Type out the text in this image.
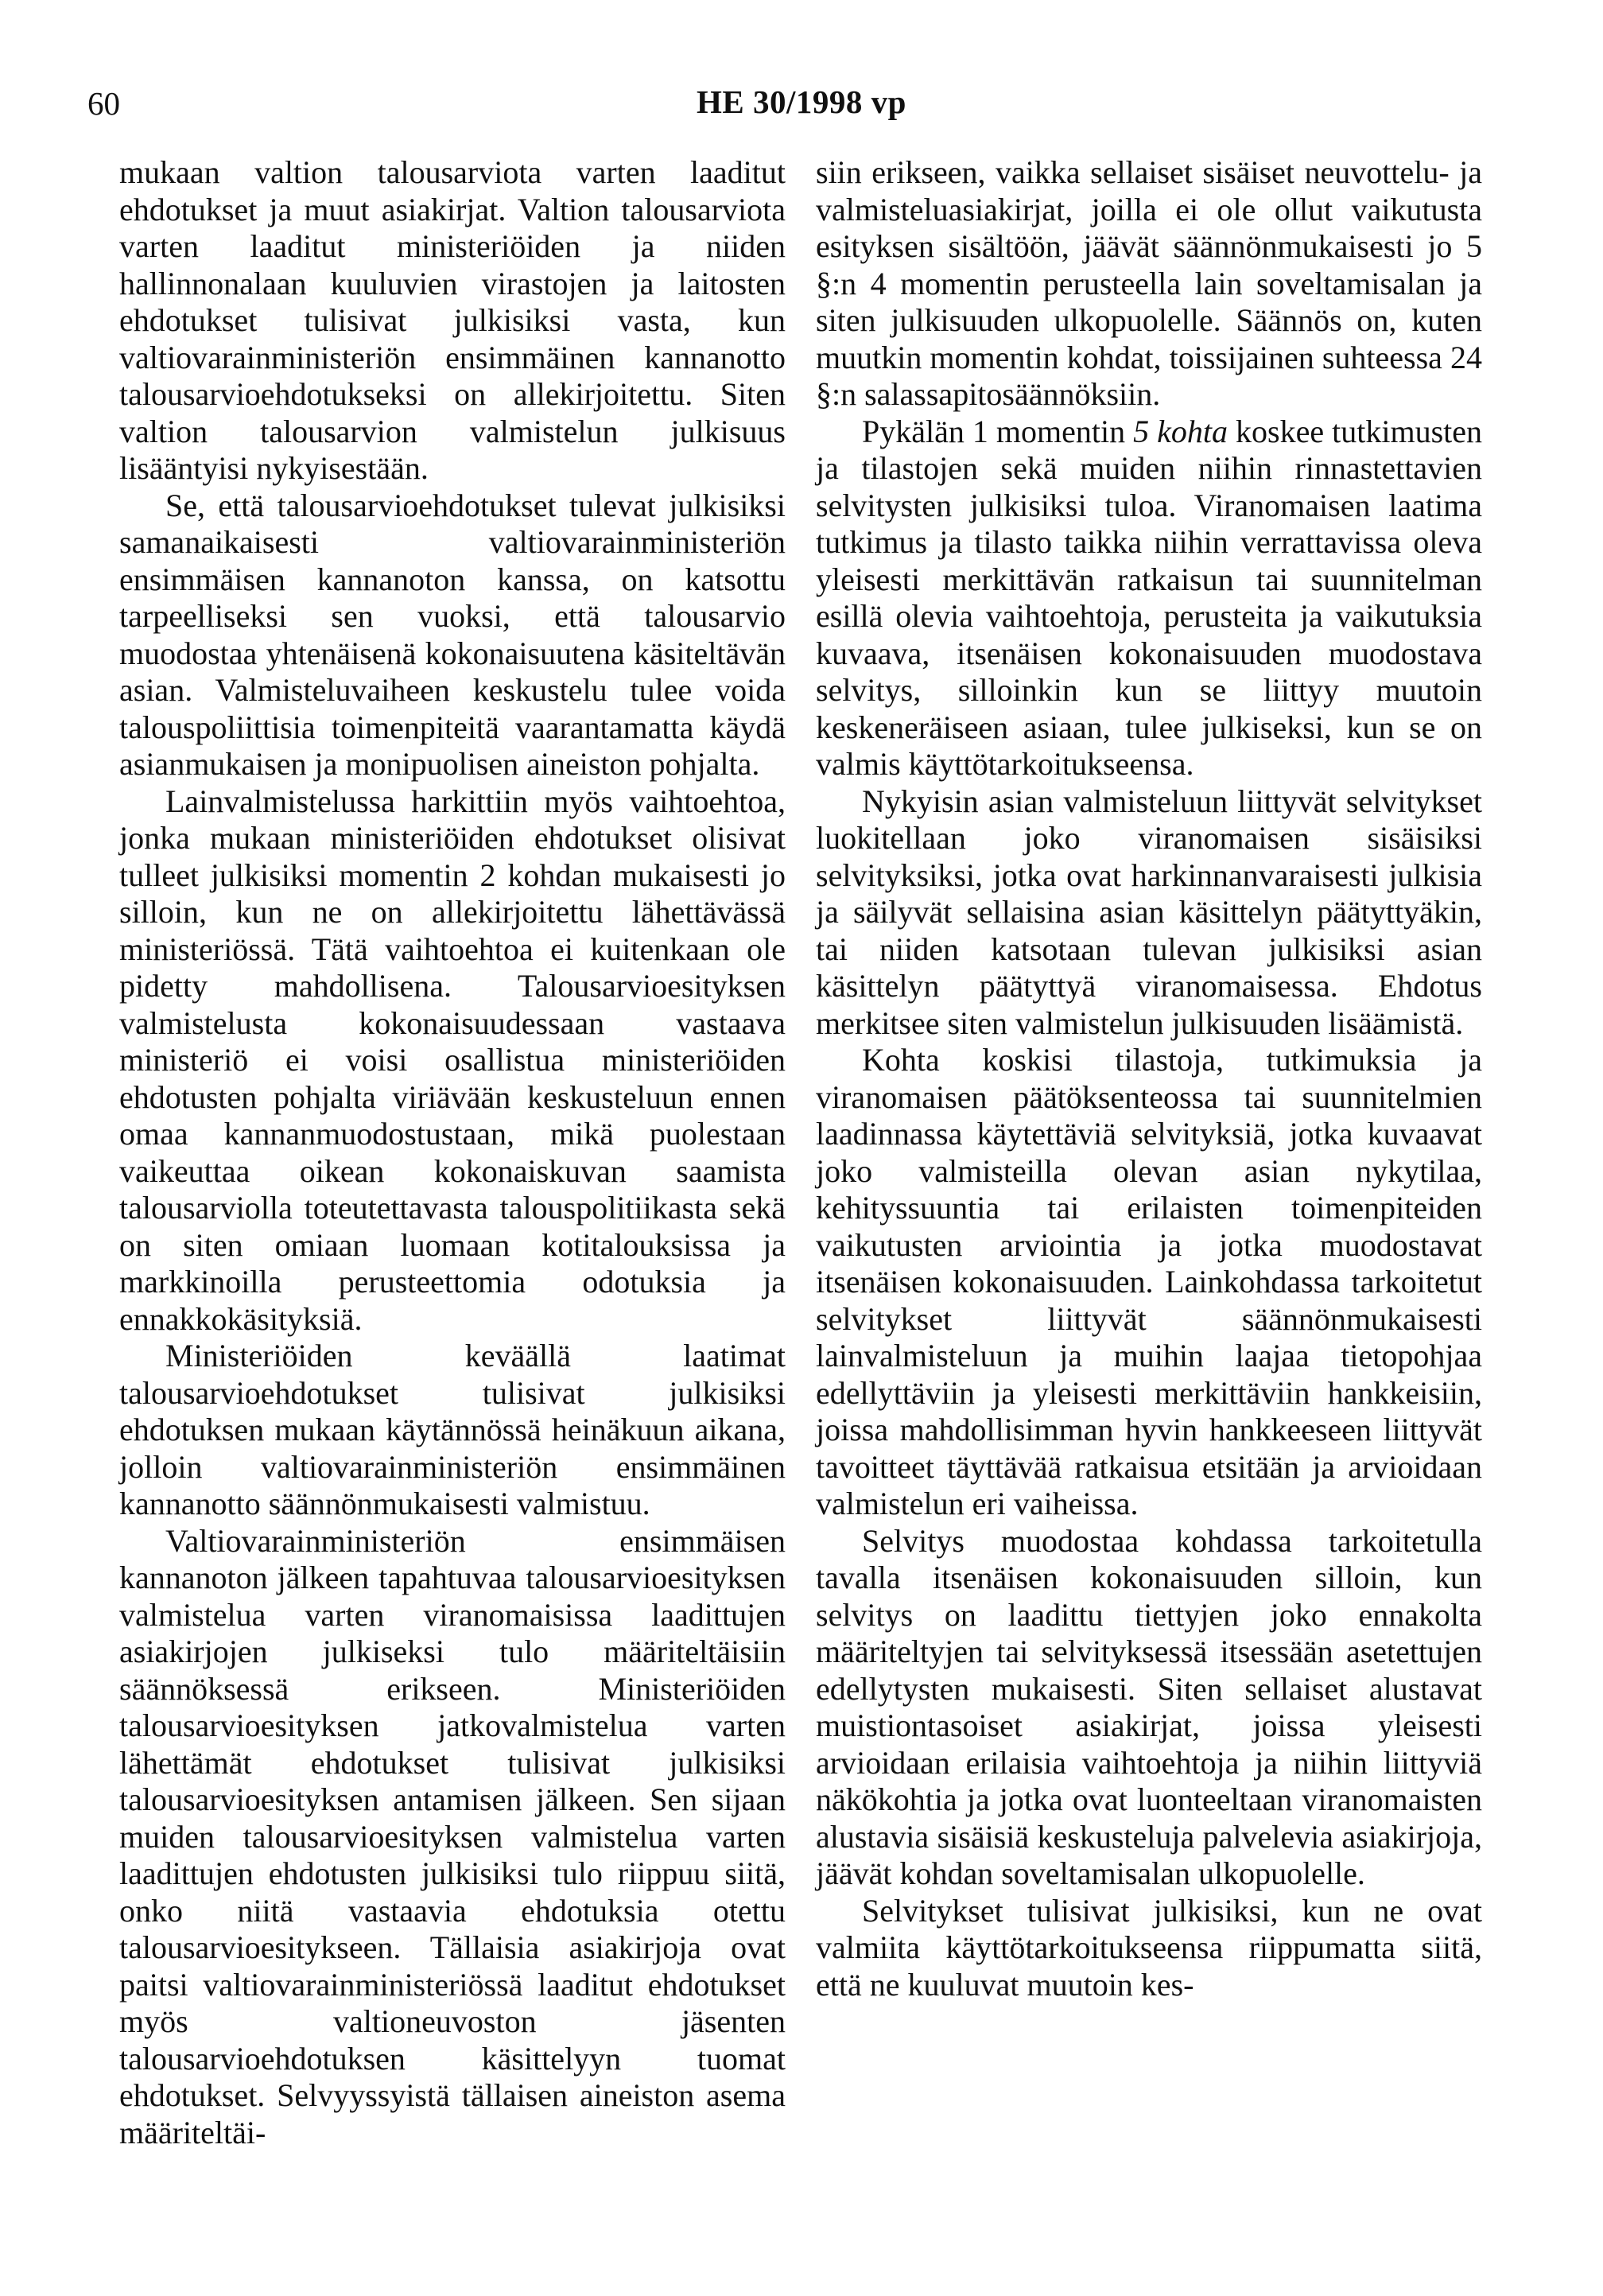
60	HE 30/1998 vp

mukaan valtion talousarviota varten laaditut ehdotukset ja muut asiakirjat. Valtion talousarviota varten laaditut ministeriöiden ja niiden hallinnonalaan kuuluvien virastojen ja laitosten ehdotukset tulisivat julkisiksi vasta, kun valtiovarainministeriön ensimmäinen kannanotto talousarvioehdotukseksi on allekirjoitettu. Siten valtion talousarvion valmistelun julkisuus lisääntyisi nykyisestään.

Se, että talousarvioehdotukset tulevat julkisiksi samanaikaisesti valtiovarainministeriön ensimmäisen kannanoton kanssa, on katsottu tarpeelliseksi sen vuoksi, että talousarvio muodostaa yhtenäisenä kokonaisuutena käsiteltävän asian. Valmisteluvaiheen keskustelu tulee voida talouspoliittisia toimenpiteitä vaarantamatta käydä asianmukaisen ja monipuolisen aineiston pohjalta.

Lainvalmistelussa harkittiin myös vaihtoehtoa, jonka mukaan ministeriöiden ehdotukset olisivat tulleet julkisiksi momentin 2 kohdan mukaisesti jo silloin, kun ne on allekirjoitettu lähettävässä ministeriössä. Tätä vaihtoehtoa ei kuitenkaan ole pidetty mahdollisena. Talousarvioesityksen valmistelusta kokonaisuudessaan vastaava ministeriö ei voisi osallistua ministeriöiden ehdotusten pohjalta viriävään keskusteluun ennen omaa kannanmuodostustaan, mikä puolestaan vaikeuttaa oikean kokonaiskuvan saamista talousarviolla toteutettavasta talouspolitiikasta sekä on siten omiaan luomaan kotitalouksissa ja markkinoilla perusteettomia odotuksia ja ennakkokäsityksiä.

Ministeriöiden keväällä laatimat talousarvioehdotukset tulisivat julkisiksi ehdotuksen mukaan käytännössä heinäkuun aikana, jolloin valtiovarainministeriön ensimmäinen kannanotto säännönmukaisesti valmistuu.

Valtiovarainministeriön ensimmäisen kannanoton jälkeen tapahtuvaa talousarvioesityksen valmistelua varten viranomaisissa laadittujen asiakirjojen julkiseksi tulo määriteltäisiin säännöksessä erikseen. Ministeriöiden talousarvioesityksen jatkovalmistelua varten lähettämät ehdotukset tulisivat julkisiksi talousarvioesityksen antamisen jälkeen. Sen sijaan muiden talousarvioesityksen valmistelua varten laadittujen ehdotusten julkisiksi tulo riippuu siitä, onko niitä vastaavia ehdotuksia otettu talousarvioesitykseen. Tällaisia asiakirjoja ovat paitsi valtiovarainministeriössä laaditut ehdotukset myös valtioneuvoston jäsenten talousarvioehdotuksen käsittelyyn tuomat ehdotukset. Selvyyssyistä tällaisen aineiston asema määriteltäi-

siin erikseen, vaikka sellaiset sisäiset neuvottelu- ja valmisteluasiakirjat, joilla ei ole ollut vaikutusta esityksen sisältöön, jäävät säännönmukaisesti jo 5 §:n 4 momentin perusteella lain soveltamisalan ja siten julkisuuden ulkopuolelle. Säännös on, kuten muutkin momentin kohdat, toissijainen suhteessa 24 §:n salassapitosäännöksiin.

Pykälän 1 momentin 5 kohta koskee tutkimusten ja tilastojen sekä muiden niihin rinnastettavien selvitysten julkisiksi tuloa. Viranomaisen laatima tutkimus ja tilasto taikka niihin verrattavissa oleva yleisesti merkittävän ratkaisun tai suunnitelman esillä olevia vaihtoehtoja, perusteita ja vaikutuksia kuvaava, itsenäisen kokonaisuuden muodostava selvitys, silloinkin kun se liittyy muutoin keskeneräiseen asiaan, tulee julkiseksi, kun se on valmis käyttötarkoitukseensa.

Nykyisin asian valmisteluun liittyvät selvitykset luokitellaan joko viranomaisen sisäisiksi selvityksiksi, jotka ovat harkinnanvaraisesti julkisia ja säilyvät sellaisina asian käsittelyn päätyttyäkin, tai niiden katsotaan tulevan julkisiksi asian käsittelyn päätyttyä viranomaisessa. Ehdotus merkitsee siten valmistelun julkisuuden lisäämistä.

Kohta koskisi tilastoja, tutkimuksia ja viranomaisen päätöksenteossa tai suunnitelmien laadinnassa käytettäviä selvityksiä, jotka kuvaavat joko valmisteilla olevan asian nykytilaa, kehityssuuntia tai erilaisten toimenpiteiden vaikutusten arviointia ja jotka muodostavat itsenäisen kokonaisuuden. Lainkohdassa tarkoitetut selvitykset liittyvät säännönmukaisesti lainvalmisteluun ja muihin laajaa tietopohjaa edellyttäviin ja yleisesti merkittäviin hankkeisiin, joissa mahdollisimman hyvin hankkeeseen liittyvät tavoitteet täyttävää ratkaisua etsitään ja arvioidaan valmistelun eri vaiheissa.

Selvitys muodostaa kohdassa tarkoitetulla tavalla itsenäisen kokonaisuuden silloin, kun selvitys on laadittu tiettyjen joko ennakolta määriteltyjen tai selvityksessä itsessään asetettujen edellytysten mukaisesti. Siten sellaiset alustavat muistiontasoiset asiakirjat, joissa yleisesti arvioidaan erilaisia vaihtoehtoja ja niihin liittyviä näkökohtia ja jotka ovat luonteeltaan viranomaisten alustavia sisäisiä keskusteluja palvelevia asiakirjoja, jäävät kohdan soveltamisalan ulkopuolelle.

Selvitykset tulisivat julkisiksi, kun ne ovat valmiita käyttötarkoitukseensa riippumatta siitä, että ne kuuluvat muutoin kes-
